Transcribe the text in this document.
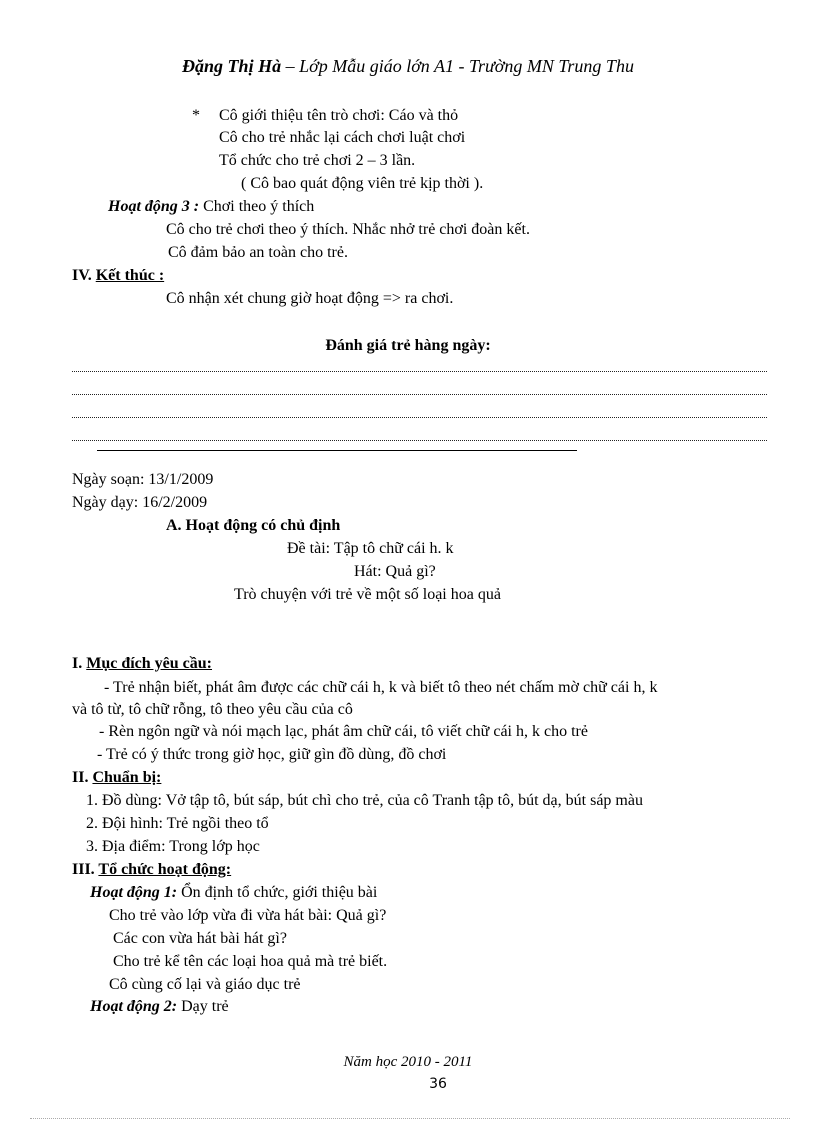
Đặng Thị Hà – Lớp Mẫu giáo lớn A1 - Trường MN Trung Thu
* Cô giới thiệu tên trò chơi: Cáo và thỏ
Cô cho trẻ nhắc lại cách chơi luật chơi
Tổ chức cho trẻ chơi 2 – 3 lần.
( Cô bao quát động viên trẻ kịp thời ).
Hoạt động 3 : Chơi theo ý thích
Cô cho trẻ chơi theo ý thích. Nhắc nhở trẻ chơi đoàn kết.
Cô đảm bảo an toàn cho trẻ.
IV. Kết thúc :
Cô nhận xét chung giờ hoạt động => ra chơi.
Đánh giá trẻ hàng ngày:
Ngày soạn: 13/1/2009
Ngày dạy: 16/2/2009
A. Hoạt động có chủ định
Đề tài: Tập tô chữ cái h. k
Hát: Quả gì?
Trò chuyện với trẻ về một số loại hoa quả
I. Mục đích yêu cầu:
- Trẻ nhận biết, phát âm được các chữ cái h, k và biết tô theo nét chấm mờ chữ cái h, k
và tô từ, tô chữ rỗng, tô theo yêu cầu của cô
- Rèn ngôn ngữ và nói mạch lạc, phát âm chữ cái, tô viết chữ cái h, k cho trẻ
- Trẻ có ý thức trong giờ học, giữ gìn đồ dùng, đồ chơi
II. Chuẩn bị:
1. Đồ dùng: Vở tập tô, bút sáp, bút chì cho trẻ, của cô Tranh tập tô, bút dạ, bút sáp màu
2. Đội hình: Trẻ ngồi theo tổ
3. Địa điểm: Trong lớp học
III. Tổ chức hoạt động:
Hoạt động 1: Ổn định tổ chức, giới thiệu bài
Cho trẻ vào lớp vừa đi vừa hát bài: Quả gì?
Các con vừa hát bài hát gì?
Cho trẻ kể tên các loại hoa quả mà trẻ biết.
Cô cùng cố lại và giáo dục trẻ
Hoạt động 2: Dạy trẻ
Năm học 2010 - 2011
36
